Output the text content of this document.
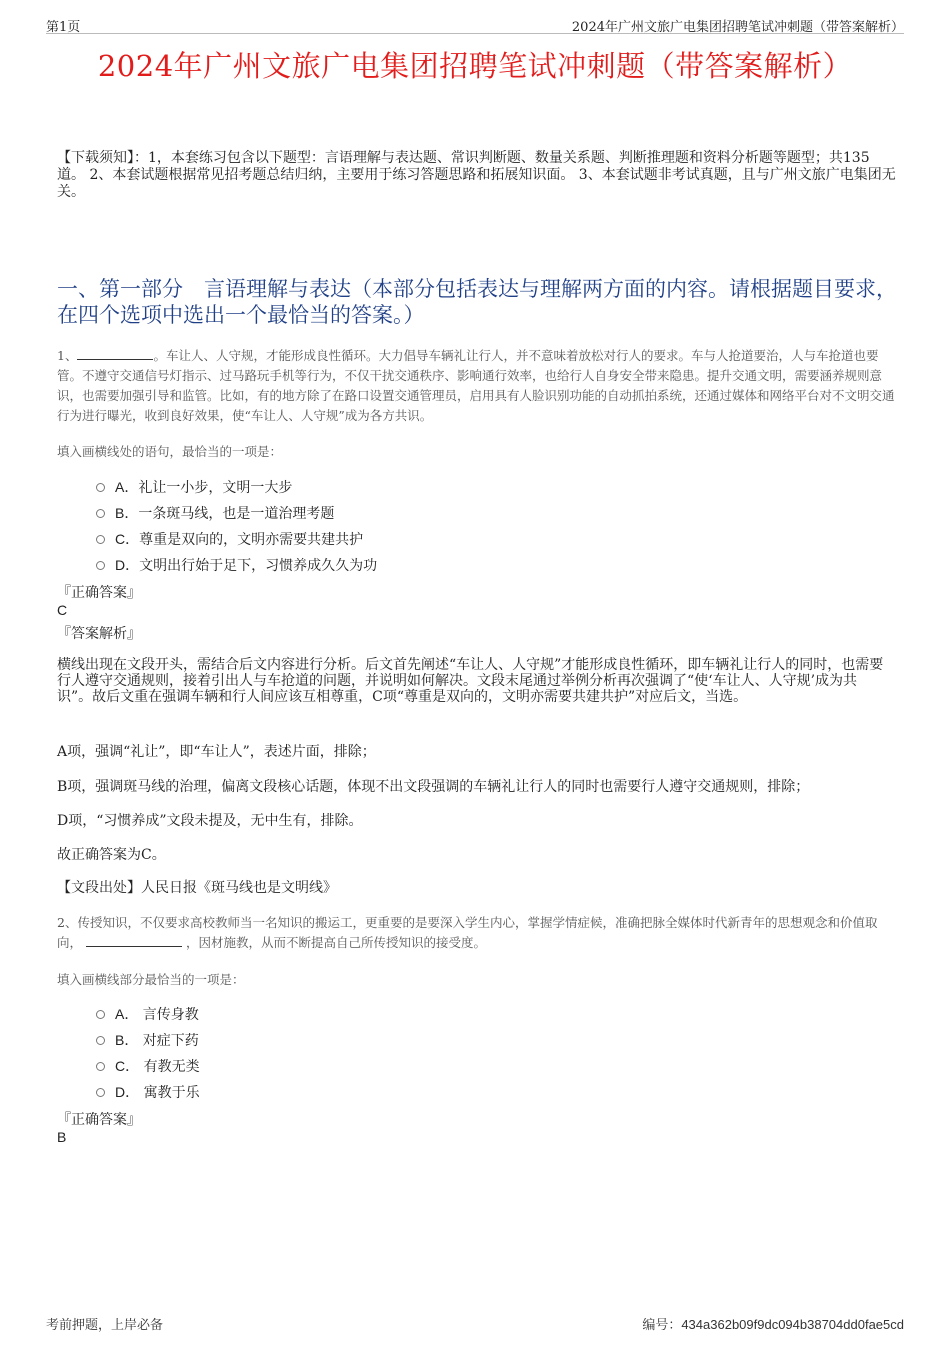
第1页	2024年广州文旅广电集团招聘笔试冲刺题（带答案解析）
2024年广州文旅广电集团招聘笔试冲刺题（带答案解析）
【下载须知】：1，本套练习包含以下题型：言语理解与表达题、常识判断题、数量关系题、判断推理题和资料分析题等题型；共135道。 2、本套试题根据常见招考题总结归纳，主要用于练习答题思路和拓展知识面。 3、本套试题非考试真题，且与广州文旅广电集团无关。
一、第一部分　言语理解与表达（本部分包括表达与理解两方面的内容。请根据题目要求，在四个选项中选出一个最恰当的答案。）
1、	。车让人、人守规，才能形成良性循环。大力倡导车辆礼让行人，并不意味着放松对行人的要求。车与人抢道要治，人与车抢道也要管。不遵守交通信号灯指示、过马路玩手机等行为，不仅干扰交通秩序、影响通行效率，也给行人自身安全带来隐患。提升交通文明，需要涵养规则意识，也需要加强引导和监管。比如，有的地方除了在路口设置交通管理员，启用具有人脸识别功能的自动抓拍系统，还通过媒体和网络平台对不文明交通行为进行曝光，收到良好效果，使“车让人、人守规”成为各方共识。
填入画横线处的语句，最恰当的一项是：
A．礼让一小步，文明一大步
B．一条斑马线，也是一道治理考题
C．尊重是双向的，文明亦需要共建共护
D．文明出行始于足下，习惯养成久久为功
『正确答案』
C
『答案解析』
横线出现在文段开头，需结合后文内容进行分析。后文首先阐述“车让人、人守规”才能形成良性循环，即车辆礼让行人的同时，也需要行人遵守交通规则，接着引出人与车抢道的问题，并说明如何解决。文段末尾通过举例分析再次强调了“使‘车让人、人守规’成为共识”。故后文重在强调车辆和行人间应该互相尊重，C项“尊重是双向的，文明亦需要共建共护”对应后文，当选。
A项，强调“礼让”，即“车让人”，表述片面，排除；
B项，强调斑马线的治理，偏离文段核心话题，体现不出文段强调的车辆礼让行人的同时也需要行人遵守交通规则，排除；
D项，“习惯养成”文段未提及，无中生有，排除。
故正确答案为C。
【文段出处】人民日报《斑马线也是文明线》
2、传授知识，不仅要求高校教师当一名知识的搬运工，更重要的是要深入学生内心，掌握学情症候，准确把脉全媒体时代新青年的思想观念和价值取向，	，因材施教，从而不断提高自己所传授知识的接受度。
填入画横线部分最恰当的一项是：
A． 言传身教
B． 对症下药
C． 有教无类
D． 寓教于乐
『正确答案』
B
考前押题，上岸必备	编号：434a362b09f9dc094b38704dd0fae5cd
